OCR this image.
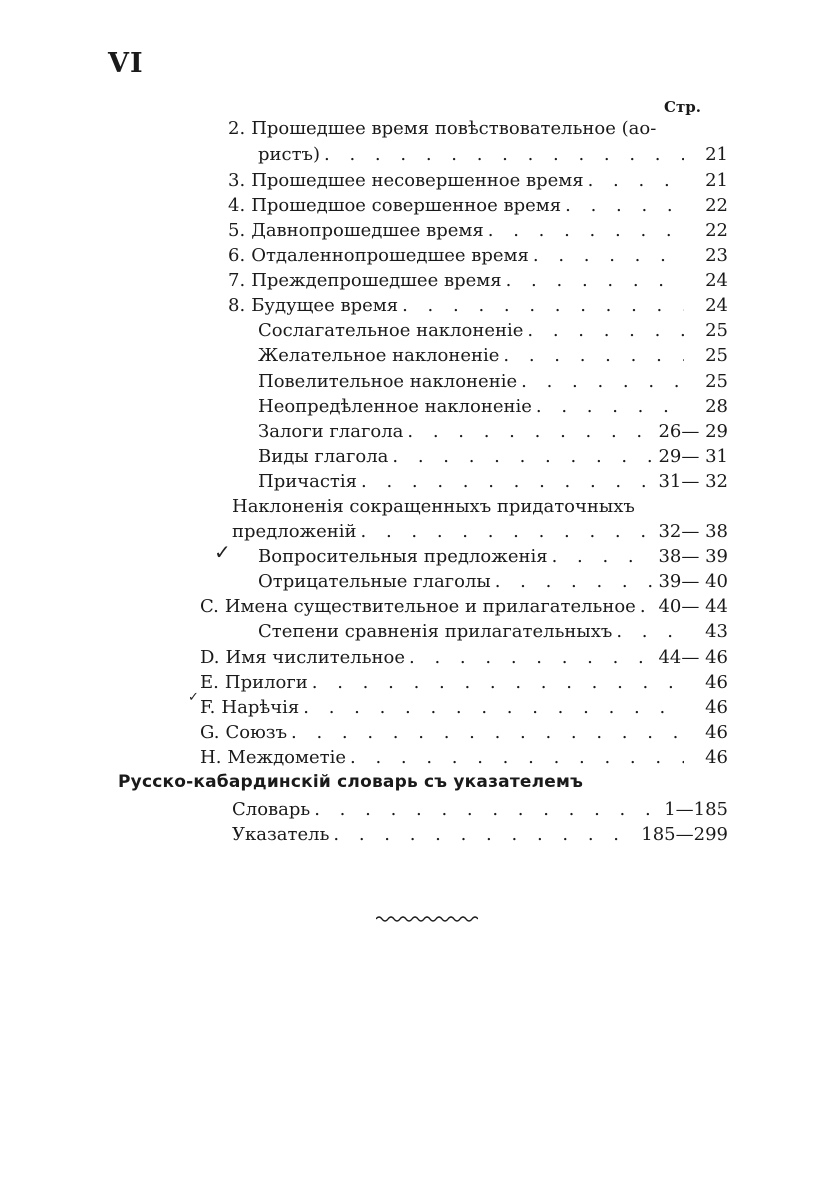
VI
Стр.
2. Прошедшее время повѣствовательное (ао-
ристъ) . . .	21
3. Прошедшее несовершенное время . . .	21
4. Прошедшое совершенное время . . .	22
5. Давнопрошедшее время . . .	22
6. Отдаленнопрошедшее время . . .	23
7. Преждепрошедшее время . . .	24
8. Будущее время . . .	24
Сослагательное наклоненіе . . .	25
Желательное наклоненіе . . .	25
Повелительное наклоненіе . . .	25
Неопредѣленное наклоненіе . . .	28
Залоги глагола . . .	26— 29
Виды глагола . . .	29— 31
Причастія . . .	31— 32
Наклоненія сокращенныхъ придаточныхъ
предложеній . . .	32— 38
Вопросительныя предложенія . . .	38— 39
Отрицательные глаголы . . .	39— 40
C. Имена существительное и прилагательное . . . 40— 44
Степени сравненія прилагательныхъ . . .	43
D. Имя числительное . . .	44— 46
E. Прилоги . . .	46
F. Нарѣчія . . .	46
G. Союзъ . . .	46
H. Междометіе . . .	46
Русско-кабардинскій словарь съ указателемъ
Словарь . . .	1—185
Указатель . . .	185—299
✓
✓
